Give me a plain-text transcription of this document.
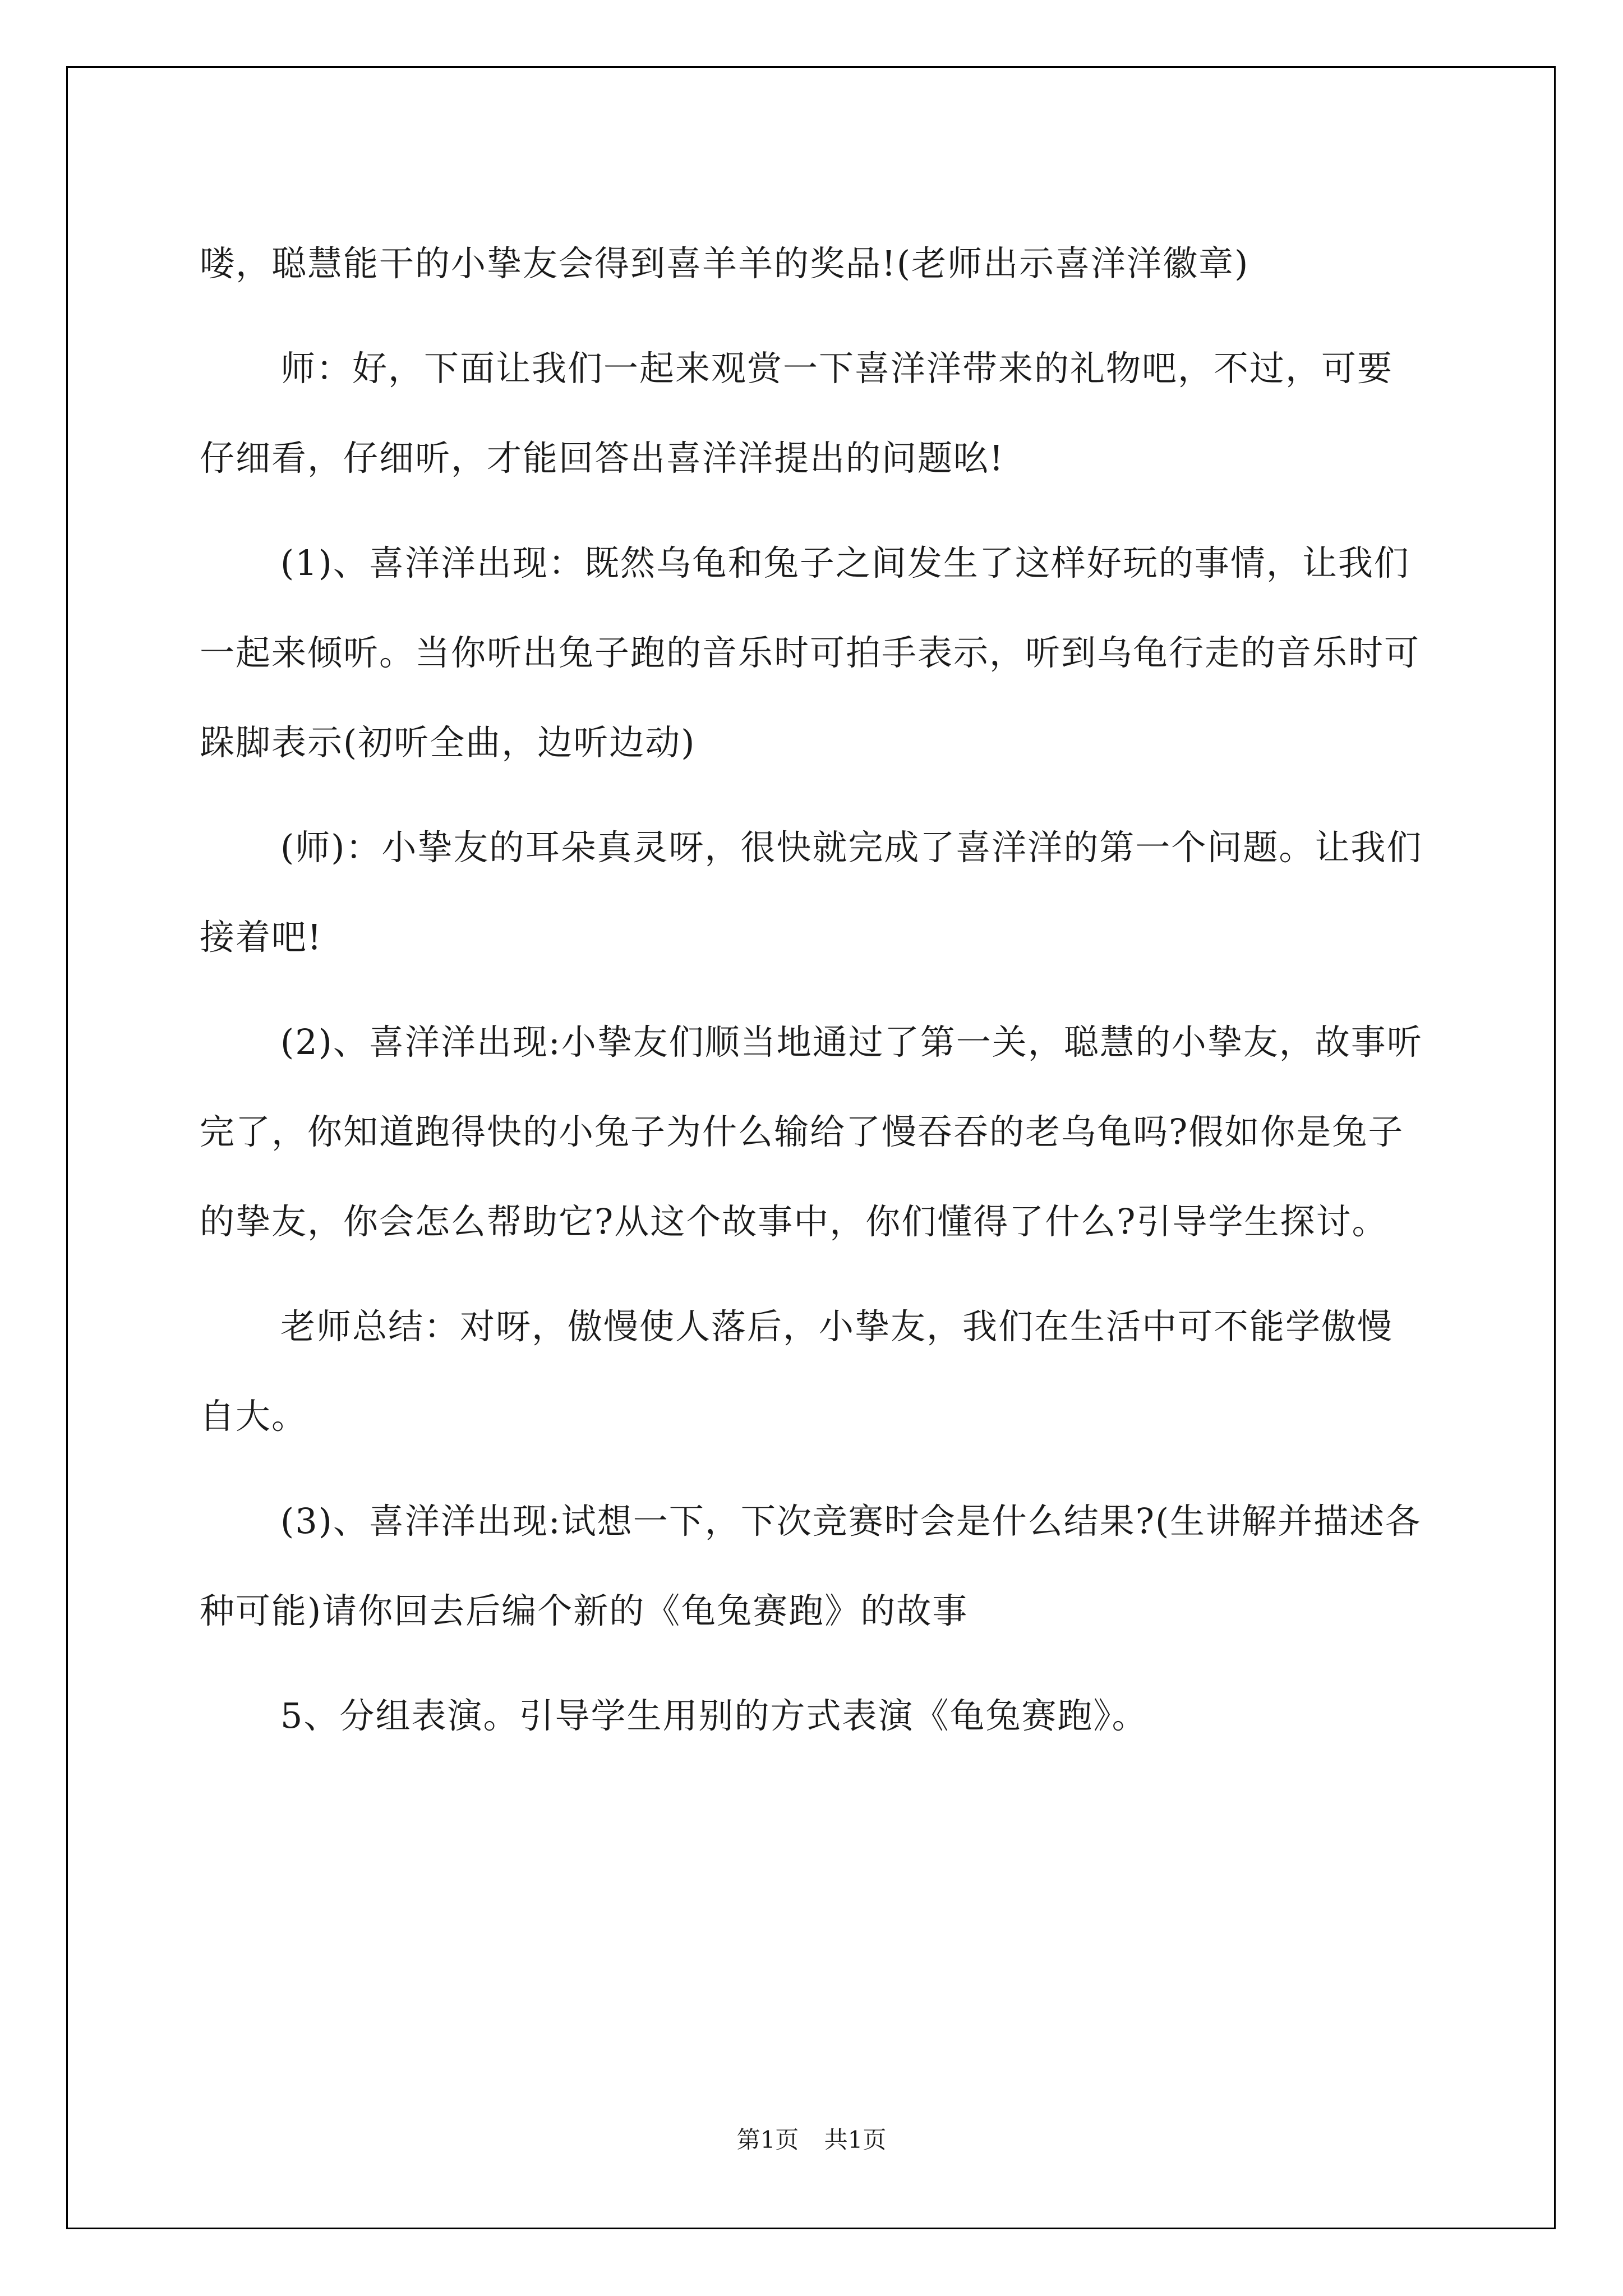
喽，聪慧能干的小挚友会得到喜羊羊的奖品!(老师出示喜洋洋徽章)

师：好，下面让我们一起来观赏一下喜洋洋带来的礼物吧，不过，可要仔细看，仔细听，才能回答出喜洋洋提出的问题吆!

(1)、喜洋洋出现：既然乌龟和兔子之间发生了这样好玩的事情，让我们一起来倾听。当你听出兔子跑的音乐时可拍手表示，听到乌龟行走的音乐时可跺脚表示(初听全曲，边听边动)

(师)：小挚友的耳朵真灵呀，很快就完成了喜洋洋的第一个问题。让我们接着吧!

(2)、喜洋洋出现:小挚友们顺当地通过了第一关，聪慧的小挚友，故事听完了，你知道跑得快的小兔子为什么输给了慢吞吞的老乌龟吗?假如你是兔子的挚友，你会怎么帮助它?从这个故事中，你们懂得了什么?引导学生探讨。

老师总结：对呀，傲慢使人落后，小挚友，我们在生活中可不能学傲慢自大。

(3)、喜洋洋出现:试想一下，下次竞赛时会是什么结果?(生讲解并描述各种可能)请你回去后编个新的《龟兔赛跑》的故事

5、分组表演。引导学生用别的方式表演《龟兔赛跑》。

第1页 共1页
